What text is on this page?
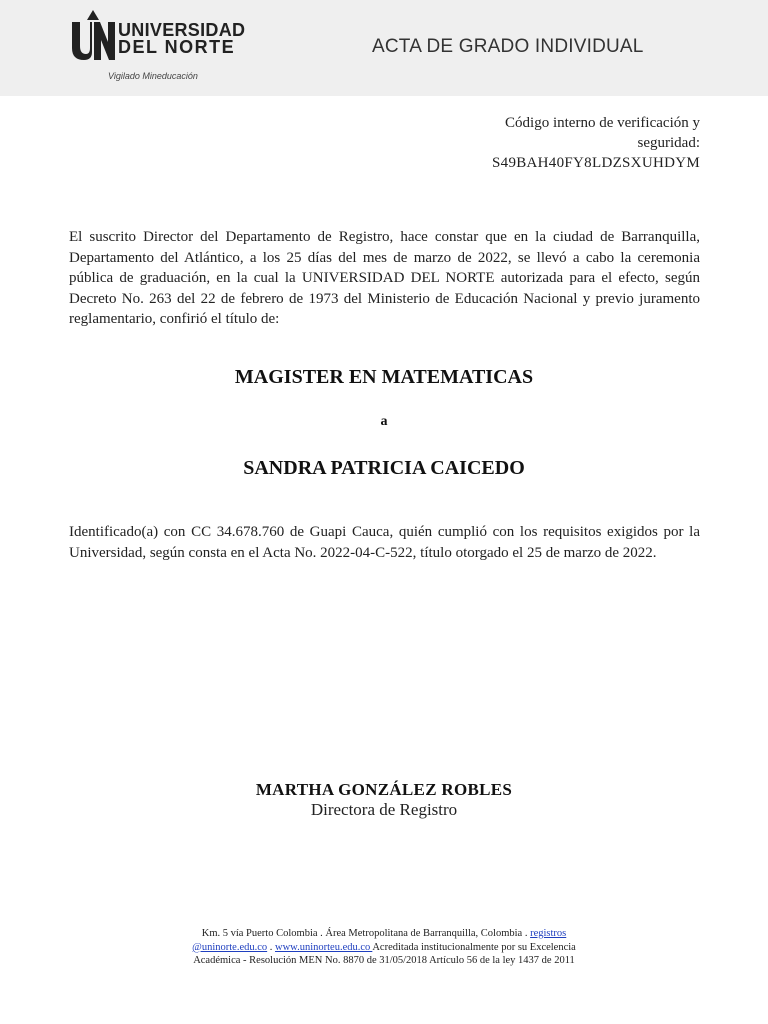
UNIVERSIDAD
DEL NORTE
Vigilado Mineducación
ACTA DE GRADO INDIVIDUAL
Código interno de verificación y
seguridad:
S49BAH40FY8LDZSXUHDYM
El suscrito Director del Departamento de Registro, hace constar que en la ciudad de Barranquilla, Departamento del Atlántico, a los 25 días del mes de marzo de 2022, se llevó a cabo la ceremonia pública de graduación, en la cual la UNIVERSIDAD DEL NORTE autorizada para el efecto, según Decreto No. 263 del 22 de febrero de 1973 del Ministerio de Educación Nacional y previo juramento reglamentario, confirió el título de:
MAGISTER EN MATEMATICAS
a
SANDRA PATRICIA CAICEDO
Identificado(a) con CC 34.678.760 de Guapi Cauca, quién cumplió con los requisitos exigidos por la Universidad, según consta en el Acta No. 2022-04-C-522, título otorgado el 25 de marzo de 2022.
MARTHA GONZÁLEZ ROBLES
Directora de Registro
Km. 5 vía Puerto Colombia . Área Metropolitana de Barranquilla, Colombia . registros
@uninorte.edu.co . www.uninorteu.edu.co Acreditada institucionalmente por su Excelencia
Académica - Resolución MEN No. 8870 de 31/05/2018 Artículo 56 de la ley 1437 de 2011
